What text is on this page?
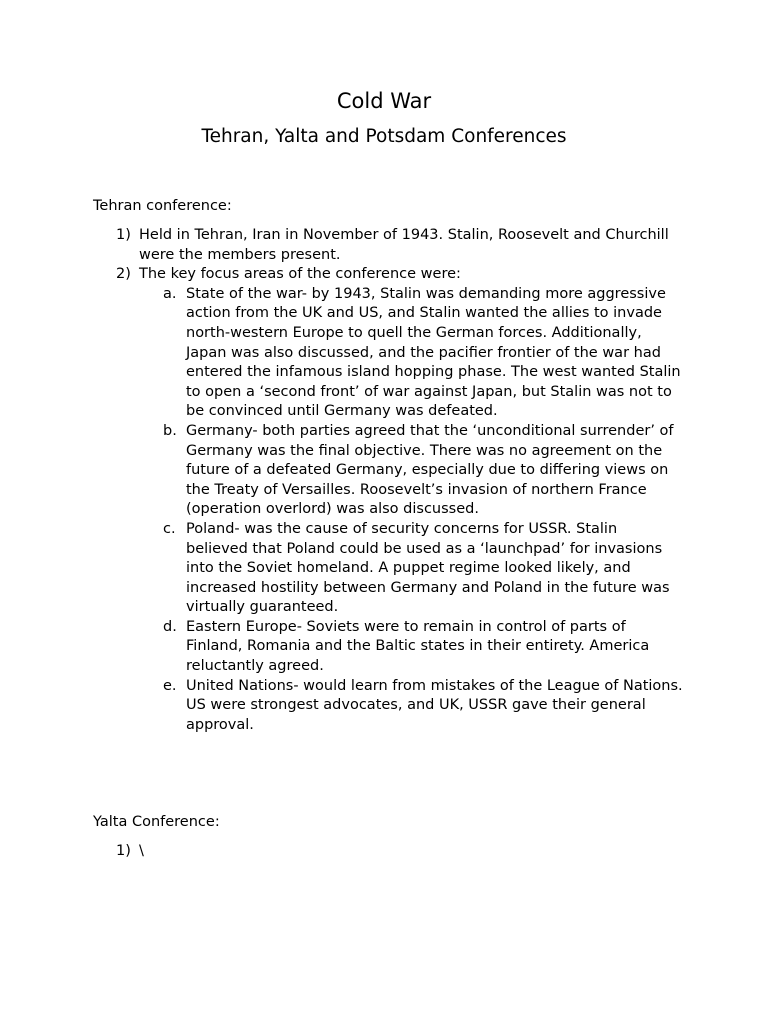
Cold War
Tehran, Yalta and Potsdam Conferences
Tehran conference:
1) Held in Tehran, Iran in November of 1943. Stalin, Roosevelt and Churchill were the members present.
2) The key focus areas of the conference were:
a. State of the war- by 1943, Stalin was demanding more aggressive action from the UK and US, and Stalin wanted the allies to invade north-western Europe to quell the German forces. Additionally, Japan was also discussed, and the pacifier frontier of the war had entered the infamous island hopping phase. The west wanted Stalin to open a ‘second front’ of war against Japan, but Stalin was not to be convinced until Germany was defeated.
b. Germany- both parties agreed that the ‘unconditional surrender’ of Germany was the final objective. There was no agreement on the future of a defeated Germany, especially due to differing views on the Treaty of Versailles. Roosevelt’s invasion of northern France (operation overlord) was also discussed.
c. Poland- was the cause of security concerns for USSR. Stalin believed that Poland could be used as a ‘launchpad’ for invasions into the Soviet homeland. A puppet regime looked likely, and increased hostility between Germany and Poland in the future was virtually guaranteed.
d. Eastern Europe- Soviets were to remain in control of parts of Finland, Romania and the Baltic states in their entirety. America reluctantly agreed.
e. United Nations- would learn from mistakes of the League of Nations. US were strongest advocates, and UK, USSR gave their general approval.
Yalta Conference:
1) \
